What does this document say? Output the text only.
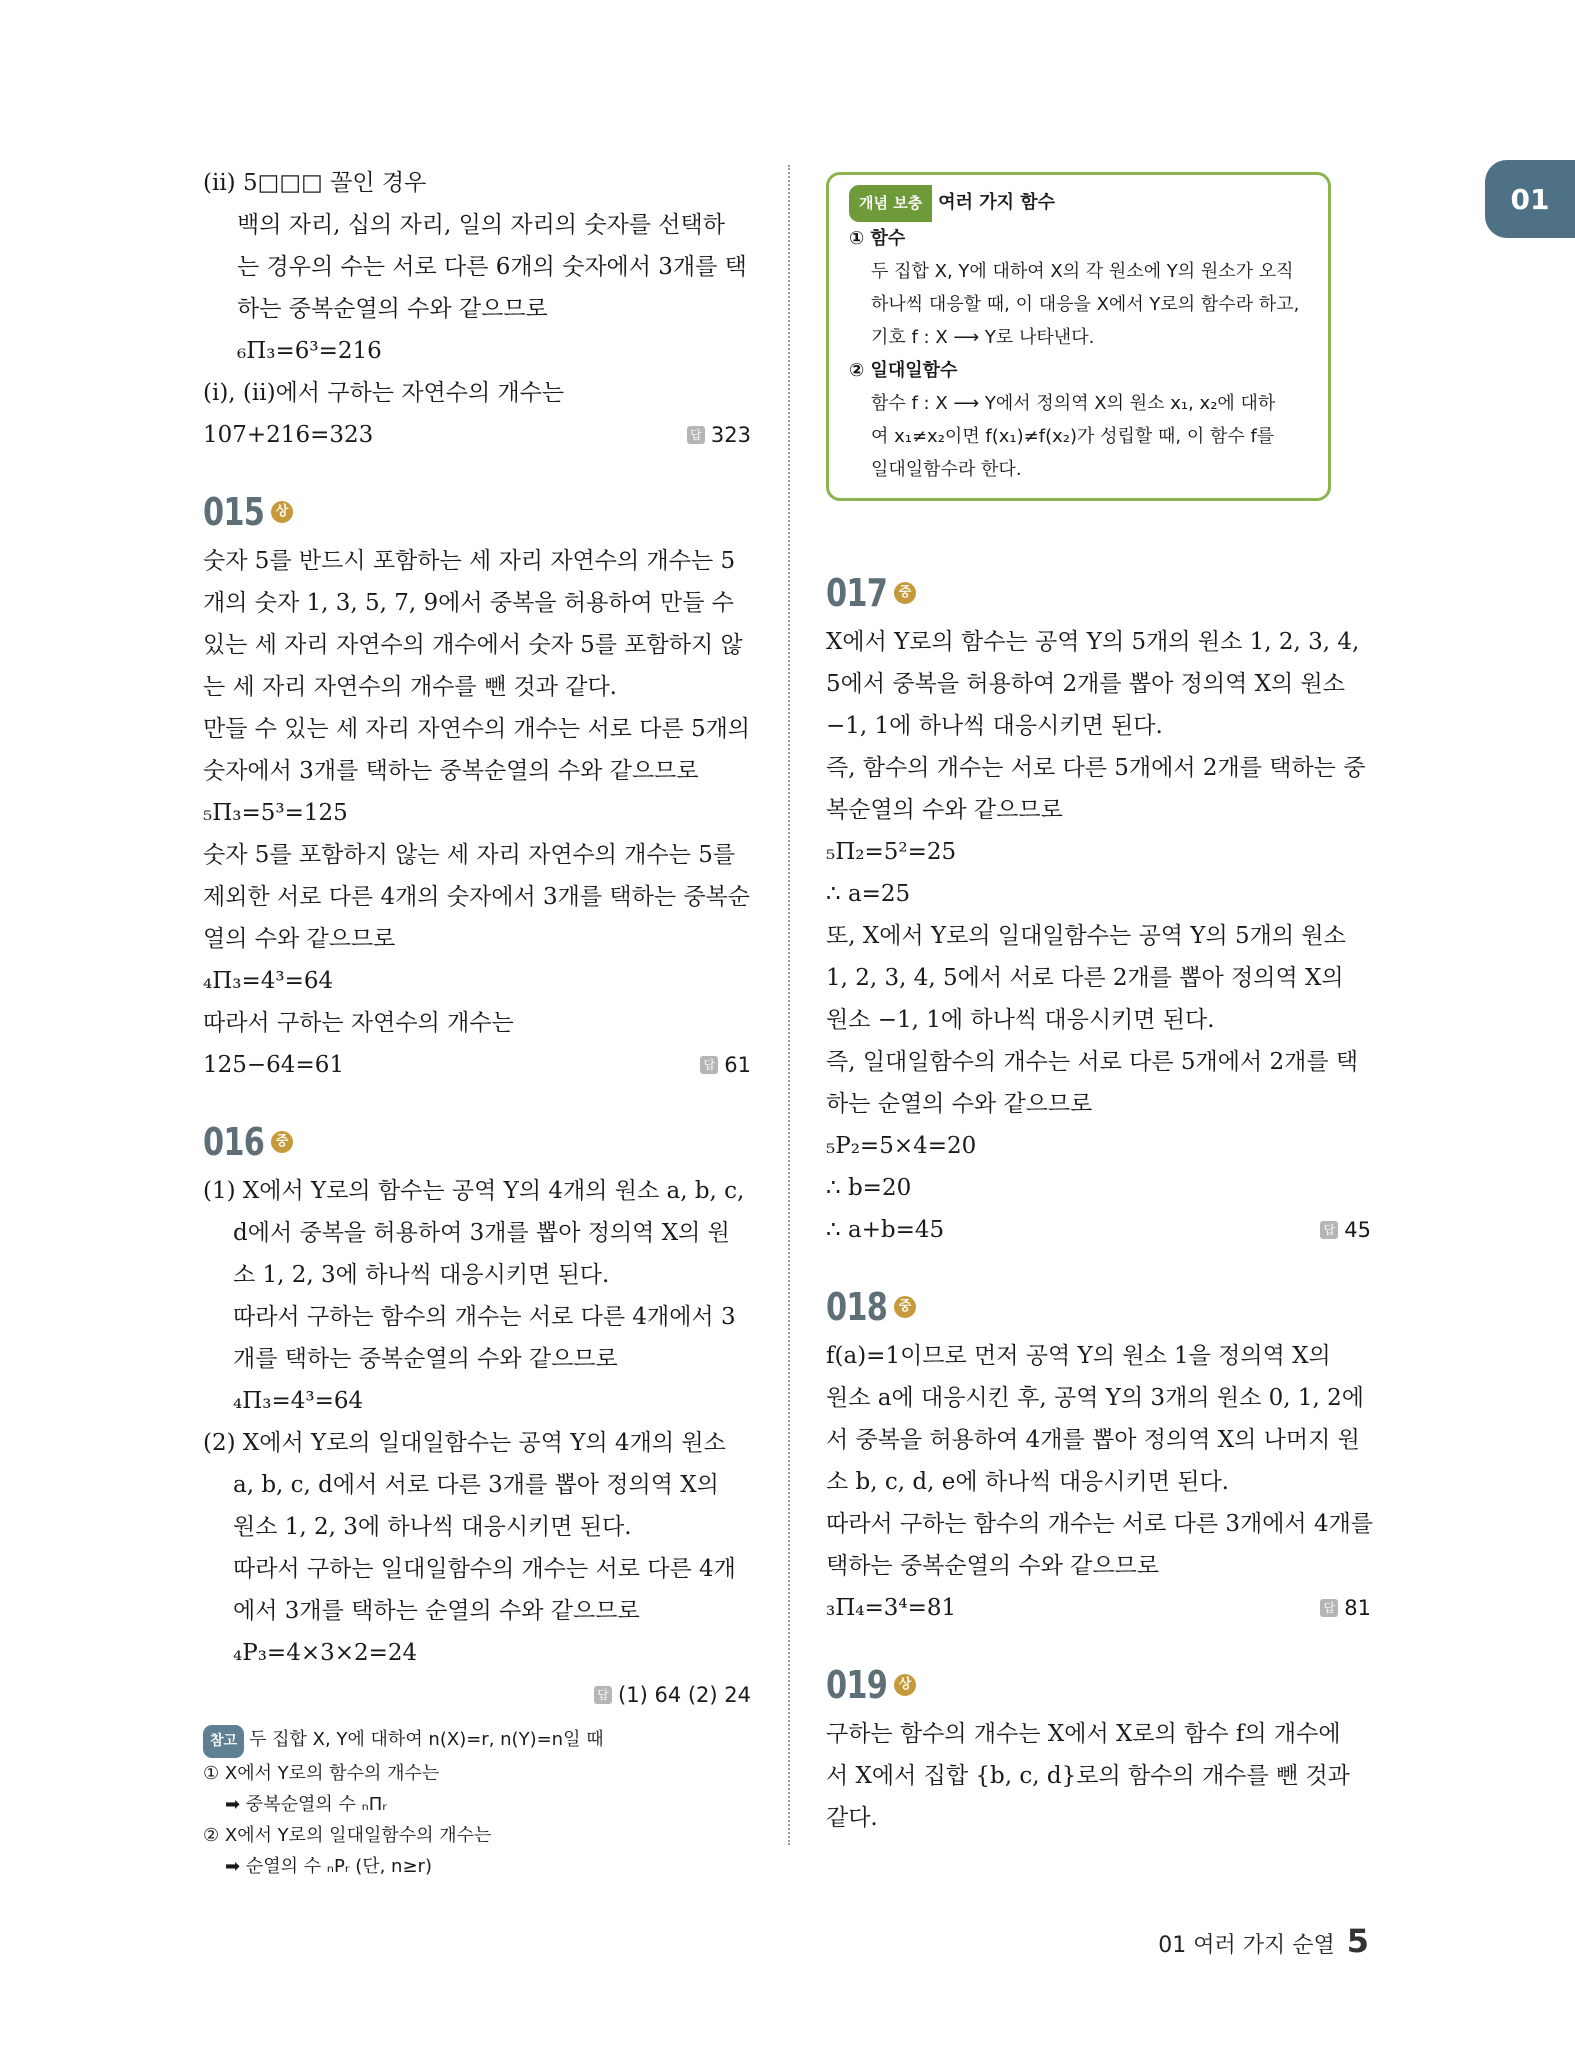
01
(ⅱ) 5□□□ 꼴인 경우
백의 자리, 십의 자리, 일의 자리의 숫자를 선택하
는 경우의 수는 서로 다른 6개의 숫자에서 3개를 택
하는 중복순열의 수와 같으므로
₆Π₃=6³=216
(ⅰ), (ⅱ)에서 구하는 자연수의 개수는
107+216=323	답 323
015 상
숫자 5를 반드시 포함하는 세 자리 자연수의 개수는 5
개의 숫자 1, 3, 5, 7, 9에서 중복을 허용하여 만들 수
있는 세 자리 자연수의 개수에서 숫자 5를 포함하지 않
는 세 자리 자연수의 개수를 뺀 것과 같다.
만들 수 있는 세 자리 자연수의 개수는 서로 다른 5개의
숫자에서 3개를 택하는 중복순열의 수와 같으므로
₅Π₃=5³=125
숫자 5를 포함하지 않는 세 자리 자연수의 개수는 5를
제외한 서로 다른 4개의 숫자에서 3개를 택하는 중복순
열의 수와 같으므로
₄Π₃=4³=64
따라서 구하는 자연수의 개수는
125−64=61	답 61
016 중
(1) X에서 Y로의 함수는 공역 Y의 4개의 원소 a, b, c,
d에서 중복을 허용하여 3개를 뽑아 정의역 X의 원
소 1, 2, 3에 하나씩 대응시키면 된다.
따라서 구하는 함수의 개수는 서로 다른 4개에서 3
개를 택하는 중복순열의 수와 같으므로
₄Π₃=4³=64
(2) X에서 Y로의 일대일함수는 공역 Y의 4개의 원소
a, b, c, d에서 서로 다른 3개를 뽑아 정의역 X의
원소 1, 2, 3에 하나씩 대응시키면 된다.
따라서 구하는 일대일함수의 개수는 서로 다른 4개
에서 3개를 택하는 순열의 수와 같으므로
₄P₃=4×3×2=24
답 (1) 64 (2) 24
참고 두 집합 X, Y에 대하여 n(X)=r, n(Y)=n일 때
① X에서 Y로의 함수의 개수는
➡ 중복순열의 수 ₙΠᵣ
② X에서 Y로의 일대일함수의 개수는
➡ 순열의 수 ₙPᵣ (단, n≥r)
개념 보충 여러 가지 함수
① 함수
두 집합 X, Y에 대하여 X의 각 원소에 Y의 원소가 오직
하나씩 대응할 때, 이 대응을 X에서 Y로의 함수라 하고,
기호 f : X ⟶ Y로 나타낸다.
② 일대일함수
함수 f : X ⟶ Y에서 정의역 X의 원소 x₁, x₂에 대하
여 x₁≠x₂이면 f(x₁)≠f(x₂)가 성립할 때, 이 함수 f를
일대일함수라 한다.
017 중
X에서 Y로의 함수는 공역 Y의 5개의 원소 1, 2, 3, 4,
5에서 중복을 허용하여 2개를 뽑아 정의역 X의 원소
−1, 1에 하나씩 대응시키면 된다.
즉, 함수의 개수는 서로 다른 5개에서 2개를 택하는 중
복순열의 수와 같으므로
₅Π₂=5²=25
∴ a=25
또, X에서 Y로의 일대일함수는 공역 Y의 5개의 원소
1, 2, 3, 4, 5에서 서로 다른 2개를 뽑아 정의역 X의
원소 −1, 1에 하나씩 대응시키면 된다.
즉, 일대일함수의 개수는 서로 다른 5개에서 2개를 택
하는 순열의 수와 같으므로
₅P₂=5×4=20
∴ b=20
∴ a+b=45	답 45
018 중
f(a)=1이므로 먼저 공역 Y의 원소 1을 정의역 X의
원소 a에 대응시킨 후, 공역 Y의 3개의 원소 0, 1, 2에
서 중복을 허용하여 4개를 뽑아 정의역 X의 나머지 원
소 b, c, d, e에 하나씩 대응시키면 된다.
따라서 구하는 함수의 개수는 서로 다른 3개에서 4개를
택하는 중복순열의 수와 같으므로
₃Π₄=3⁴=81	답 81
019 상
구하는 함수의 개수는 X에서 X로의 함수 f의 개수에
서 X에서 집합 {b, c, d}로의 함수의 개수를 뺀 것과
같다.
01 여러 가지 순열 5
